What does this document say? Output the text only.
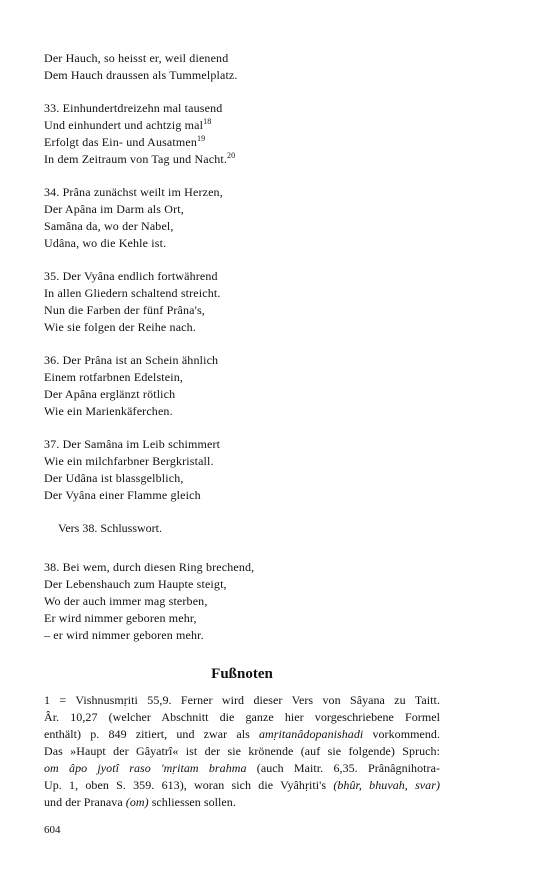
Der Hauch, so heisst er, weil dienend
Dem Hauch draussen als Tummelplatz.
33. Einhundertdreizehn mal tausend
Und einhundert und achtzig mal$^{18}$
Erfolgt das Ein- und Ausatmen$^{19}$
In dem Zeitraum von Tag und Nacht.$^{20}$
34. Prâna zunächst weilt im Herzen,
Der Apâna im Darm als Ort,
Samâna da, wo der Nabel,
Udâna, wo die Kehle ist.
35. Der Vyâna endlich fortwährend
In allen Gliedern schaltend streicht.
Nun die Farben der fünf Prâna's,
Wie sie folgen der Reihe nach.
36. Der Prâna ist an Schein ähnlich
Einem rotfarbnen Edelstein,
Der Apâna erglänzt rötlich
Wie ein Marienkäferchen.
37. Der Samâna im Leib schimmert
Wie ein milchfarbner Bergkristall.
Der Udâna ist blassgelblich,
Der Vyâna einer Flamme gleich
Vers 38. Schlusswort.
38. Bei wem, durch diesen Ring brechend,
Der Lebenshauch zum Haupte steigt,
Wo der auch immer mag sterben,
Er wird nimmer geboren mehr,
– er wird nimmer geboren mehr.
Fußnoten
1 = Vishnusmṛiti 55,9. Ferner wird dieser Vers von Sâyana zu Taitt.
Âr. 10,27 (welcher Abschnitt die ganze hier vorgeschriebene Formel
enthält) p. 849 zitiert, und zwar als amṛitanâdopanishadi vorkommend.
Das »Haupt der Gâyatrî« ist der sie krönende (auf sie folgende) Spruch:
om âpo jyotî raso 'mṛitam brahma (auch Maitr. 6,35. Prânâgnihotra-
Up. 1, oben S. 359. 613), woran sich die Vyâhṛiti's (bhûr, bhuvah, svar)
und der Pranava (om) schliessen sollen.
604
